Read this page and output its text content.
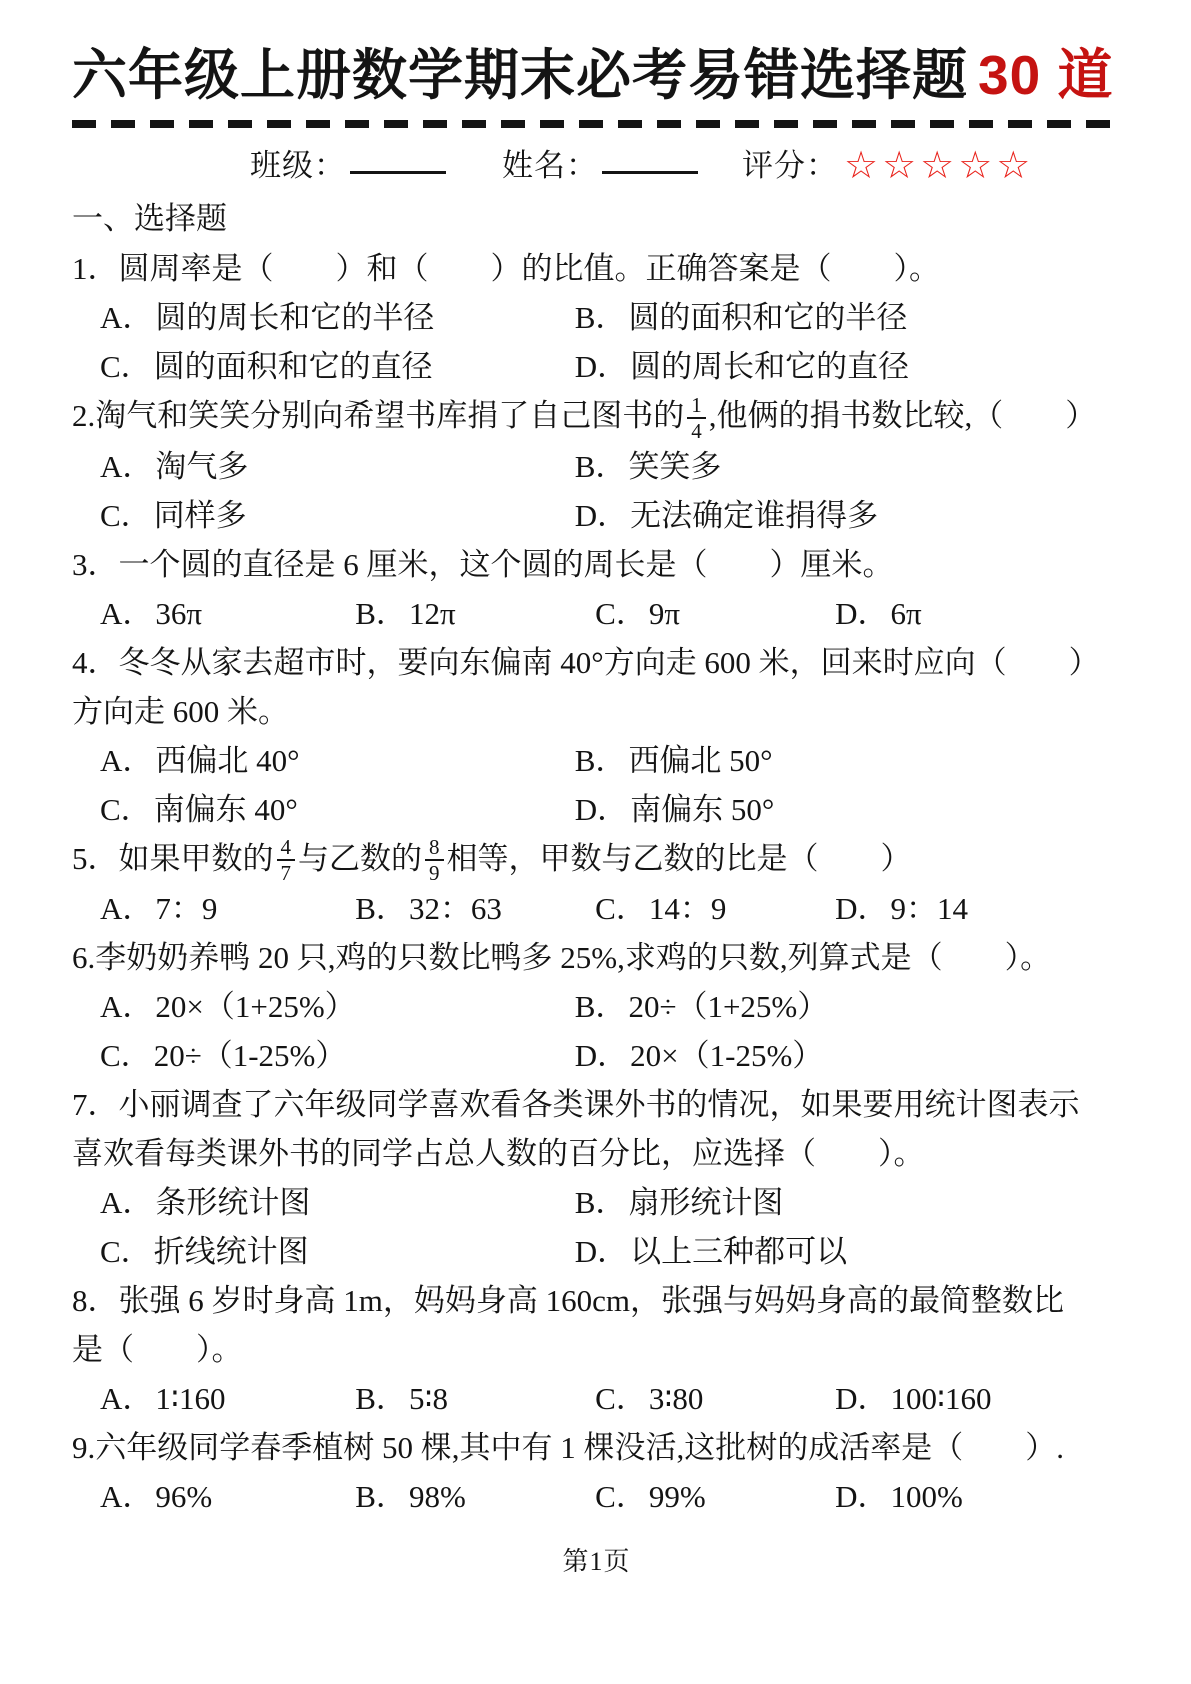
六年级上册数学期末必考易错选择题 30 道
班级：	姓名：	评分： ☆☆☆☆☆
一、选择题
1．圆周率是（　　）和（　　）的比值。正确答案是（　　）。
A．圆的周长和它的半径	B．圆的面积和它的半径
C．圆的面积和它的直径	D．圆的周长和它的直径
2.淘气和笑笑分别向希望书库捐了自己图书的 $\frac{1}{4}$ ,他俩的捐书数比较,（　　）
A．淘气多	B．笑笑多
C．同样多	D．无法确定谁捐得多
3．一个圆的直径是 6 厘米，这个圆的周长是（　　）厘米。
A．36π	B．12π	C．9π	D．6π
4．冬冬从家去超市时，要向东偏南 40°方向走 600 米，回来时应向（　　）
方向走 600 米。
A．西偏北 40°	B．西偏北 50°
C．南偏东 40°	D．南偏东 50°
5．如果甲数的 $\frac{4}{7}$ 与乙数的 $\frac{8}{9}$ 相等，甲数与乙数的比是（　　）
A．7：9	B．32：63	C．14：9	D．9：14
6.李奶奶养鸭 20 只,鸡的只数比鸭多 25%,求鸡的只数,列算式是（　　）。
A．20×（1+25%）	B．20÷（1+25%）
C．20÷（1-25%）	D．20×（1-25%）
7．小丽调查了六年级同学喜欢看各类课外书的情况，如果要用统计图表示
喜欢看每类课外书的同学占总人数的百分比，应选择（　　）。
A．条形统计图	B．扇形统计图
C．折线统计图	D．以上三种都可以
8．张强 6 岁时身高 1m，妈妈身高 160cm，张强与妈妈身高的最简整数比
是（　　）。
A．1∶160	B．5∶8	C．3∶80	D．100∶160
9.六年级同学春季植树 50 棵,其中有 1 棵没活,这批树的成活率是（　　）.
A．96%	B．98%	C．99%	D．100%
第1页
